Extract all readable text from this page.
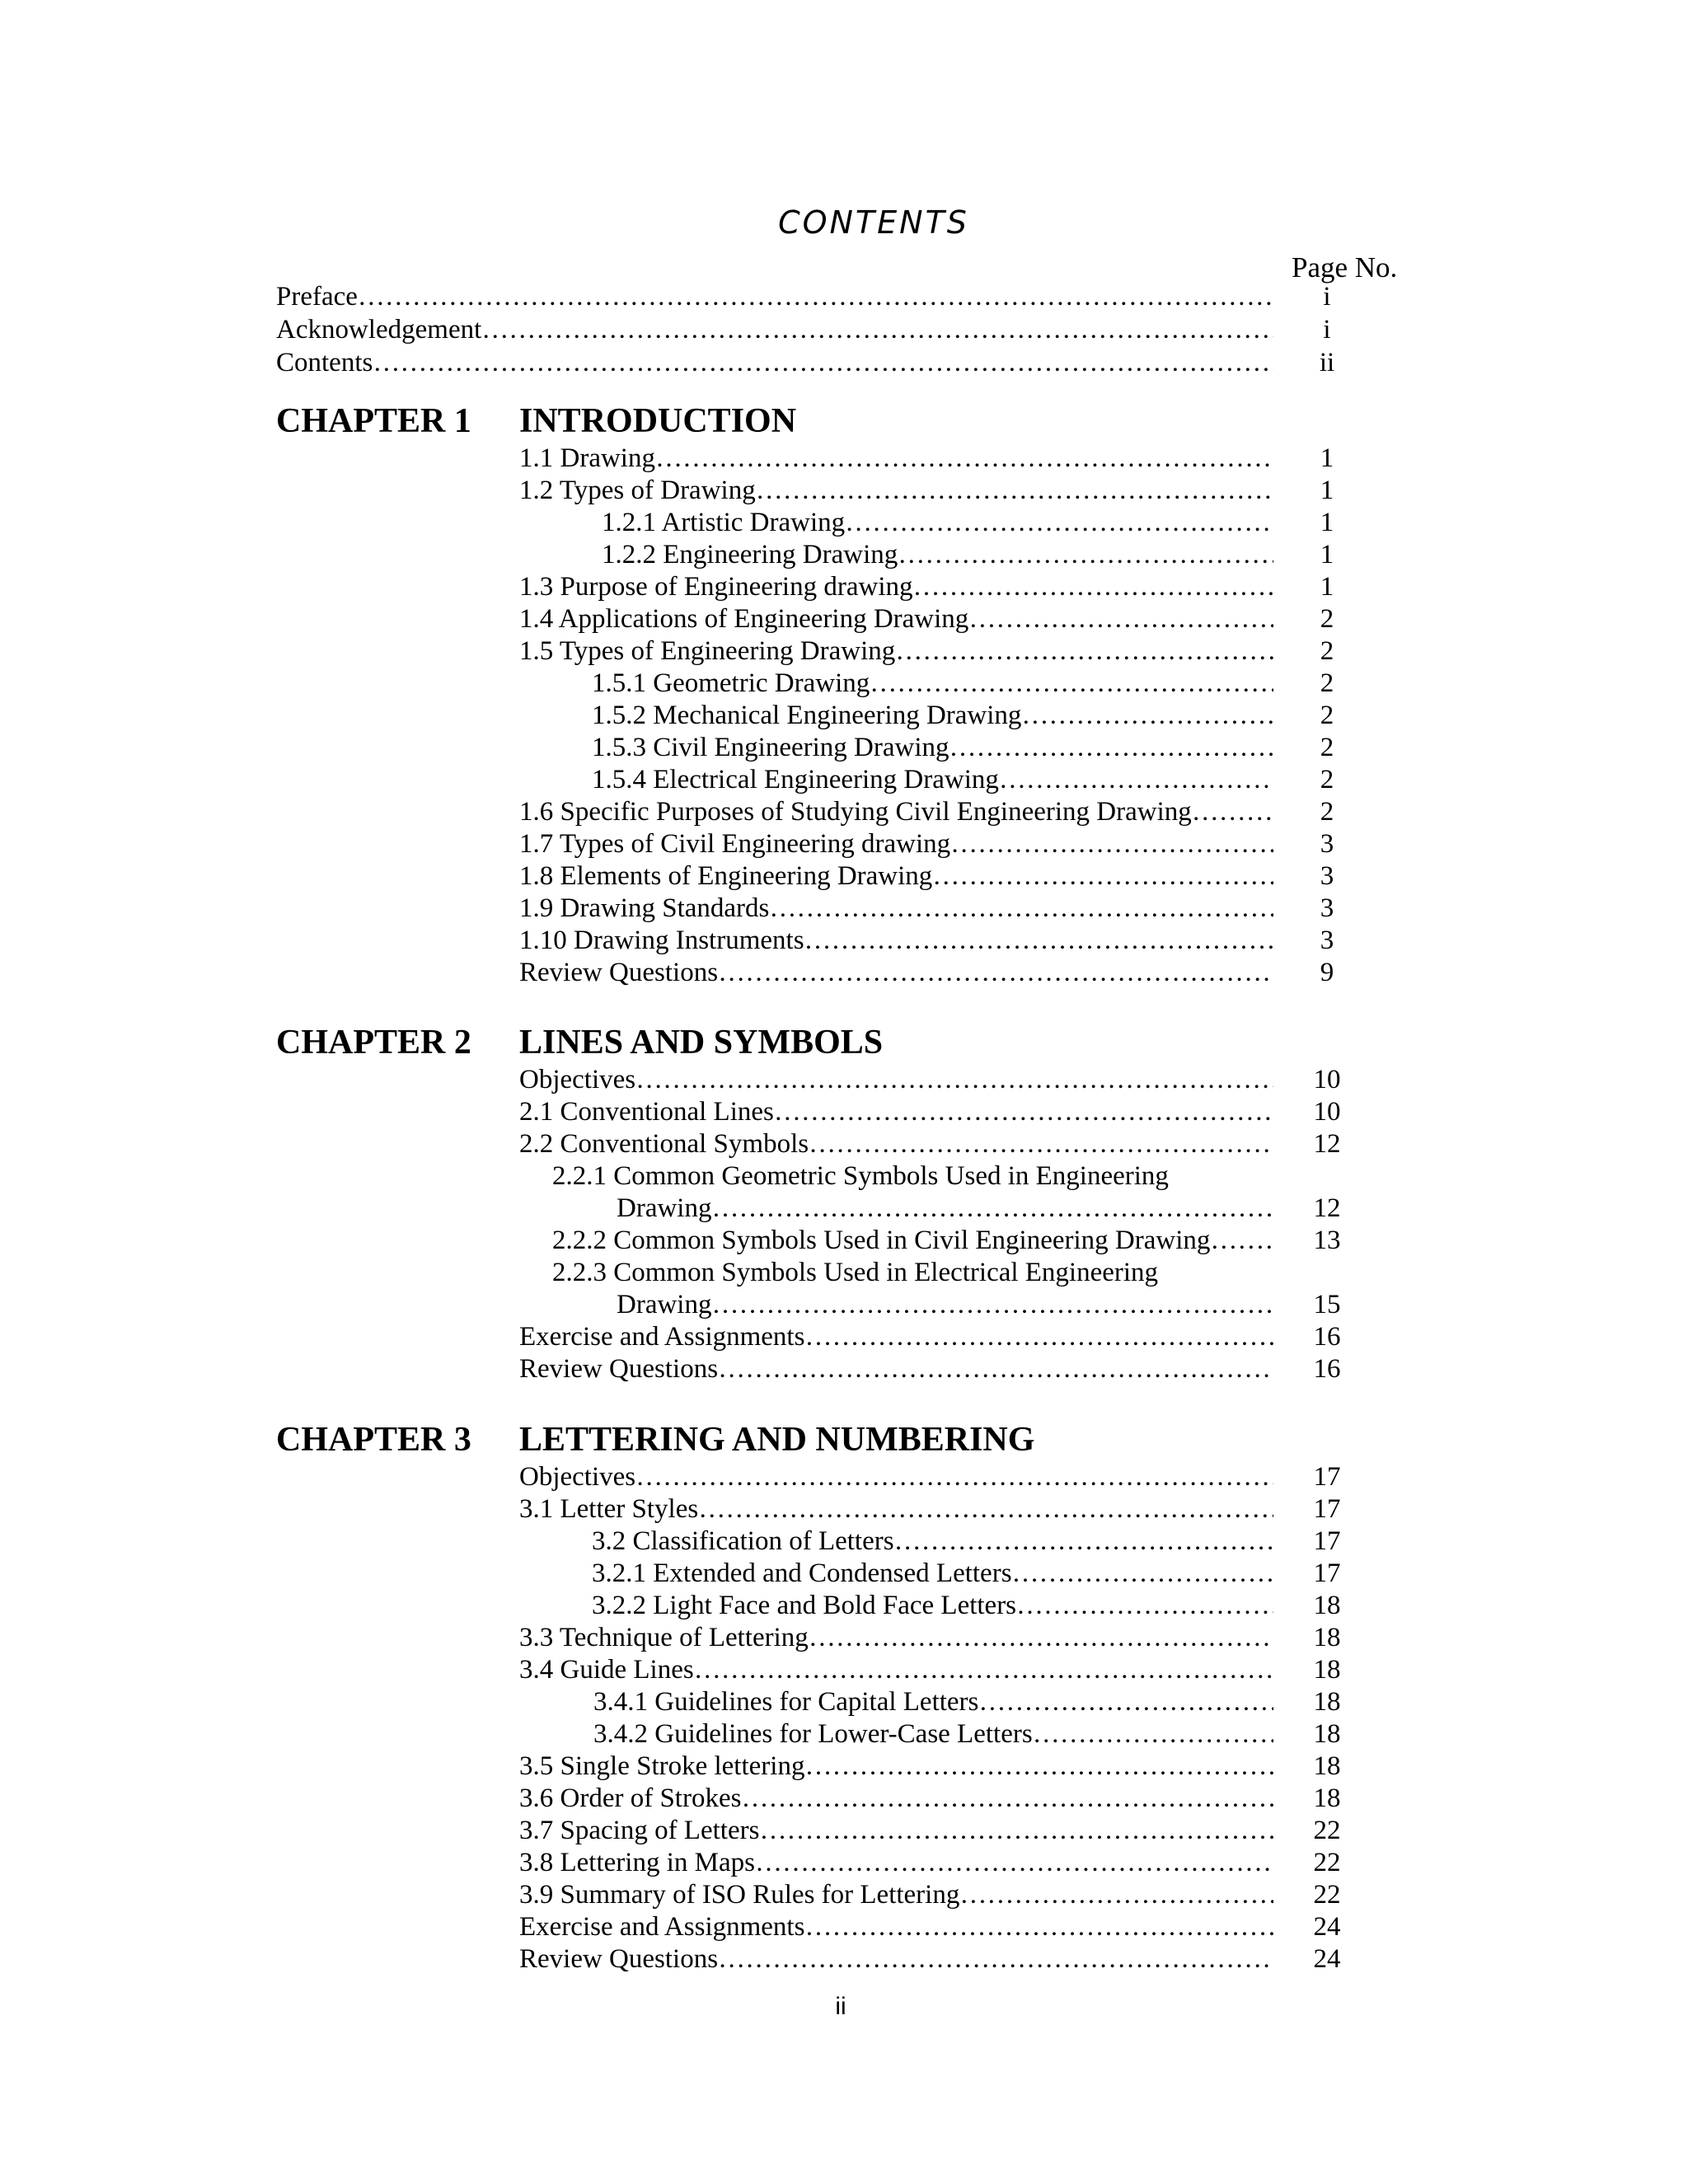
CONTENTS
Page No.
Preface ……………………………………………………………………………………………………………………………………………………………………………………………………………	i
Acknowledgement ……………………………………………………………………………………………………………………………………………………………………………………………………………	i
Contents ……………………………………………………………………………………………………………………………………………………………………………………………………………	ii
CHAPTER 1 INTRODUCTION
1.1 Drawing ……………………………………………………………………………………………………………………………………………………………………………………………………………	1
1.2 Types of Drawing ……………………………………………………………………………………………………………………………………………………………………………………………………………	1
1.2.1 Artistic Drawing ……………………………………………………………………………………………………………………………………………………………………………………………………………	1
1.2.2 Engineering Drawing ……………………………………………………………………………………………………………………………………………………………………………………………………………	1
1.3 Purpose of Engineering drawing ……………………………………………………………………………………………………………………………………………………………………………………………………………	1
1.4 Applications of Engineering Drawing ……………………………………………………………………………………………………………………………………………………………………………………………………………	2
1.5 Types of Engineering Drawing ……………………………………………………………………………………………………………………………………………………………………………………………………………	2
1.5.1 Geometric Drawing ……………………………………………………………………………………………………………………………………………………………………………………………………………	2
1.5.2 Mechanical Engineering Drawing ……………………………………………………………………………………………………………………………………………………………………………………………………………	2
1.5.3 Civil Engineering Drawing ……………………………………………………………………………………………………………………………………………………………………………………………………………	2
1.5.4 Electrical Engineering Drawing ……………………………………………………………………………………………………………………………………………………………………………………………………………	2
1.6 Specific Purposes of Studying Civil Engineering Drawing ……………………………………………………………………………………………………………………………………………………………………………………………………………	2
1.7 Types of Civil Engineering drawing ……………………………………………………………………………………………………………………………………………………………………………………………………………	3
1.8 Elements of Engineering Drawing ……………………………………………………………………………………………………………………………………………………………………………………………………………	3
1.9 Drawing Standards ……………………………………………………………………………………………………………………………………………………………………………………………………………	3
1.10 Drawing Instruments ……………………………………………………………………………………………………………………………………………………………………………………………………………	3
Review Questions ……………………………………………………………………………………………………………………………………………………………………………………………………………	9
CHAPTER 2 LINES AND SYMBOLS
Objectives ……………………………………………………………………………………………………………………………………………………………………………………………………………	10
2.1 Conventional Lines ……………………………………………………………………………………………………………………………………………………………………………………………………………	10
2.2 Conventional Symbols ……………………………………………………………………………………………………………………………………………………………………………………………………………	12
2.2.1 Common Geometric Symbols Used in Engineering
Drawing ……………………………………………………………………………………………………………………………………………………………………………………………………………	12
2.2.2 Common Symbols Used in Civil Engineering Drawing ……………………………………………………………………………………………………………………………………………………………………………………………………………	13
2.2.3 Common Symbols Used in Electrical Engineering
Drawing ……………………………………………………………………………………………………………………………………………………………………………………………………………	15
Exercise and Assignments ……………………………………………………………………………………………………………………………………………………………………………………………………………	16
Review Questions ……………………………………………………………………………………………………………………………………………………………………………………………………………	16
CHAPTER 3 LETTERING AND NUMBERING
Objectives ……………………………………………………………………………………………………………………………………………………………………………………………………………	17
3.1 Letter Styles ……………………………………………………………………………………………………………………………………………………………………………………………………………	17
3.2 Classification of Letters ……………………………………………………………………………………………………………………………………………………………………………………………………………	17
3.2.1 Extended and Condensed Letters ……………………………………………………………………………………………………………………………………………………………………………………………………………	17
3.2.2 Light Face and Bold Face Letters ……………………………………………………………………………………………………………………………………………………………………………………………………………	18
3.3 Technique of Lettering ……………………………………………………………………………………………………………………………………………………………………………………………………………	18
3.4 Guide Lines ……………………………………………………………………………………………………………………………………………………………………………………………………………	18
3.4.1 Guidelines for Capital Letters ……………………………………………………………………………………………………………………………………………………………………………………………………………	18
3.4.2 Guidelines for Lower-Case Letters ……………………………………………………………………………………………………………………………………………………………………………………………………………	18
3.5 Single Stroke lettering ……………………………………………………………………………………………………………………………………………………………………………………………………………	18
3.6 Order of Strokes ……………………………………………………………………………………………………………………………………………………………………………………………………………	18
3.7 Spacing of Letters ……………………………………………………………………………………………………………………………………………………………………………………………………………	22
3.8 Lettering in Maps ……………………………………………………………………………………………………………………………………………………………………………………………………………	22
3.9 Summary of ISO Rules for Lettering ……………………………………………………………………………………………………………………………………………………………………………………………………………	22
Exercise and Assignments ……………………………………………………………………………………………………………………………………………………………………………………………………………	24
Review Questions ……………………………………………………………………………………………………………………………………………………………………………………………………………	24
ii
